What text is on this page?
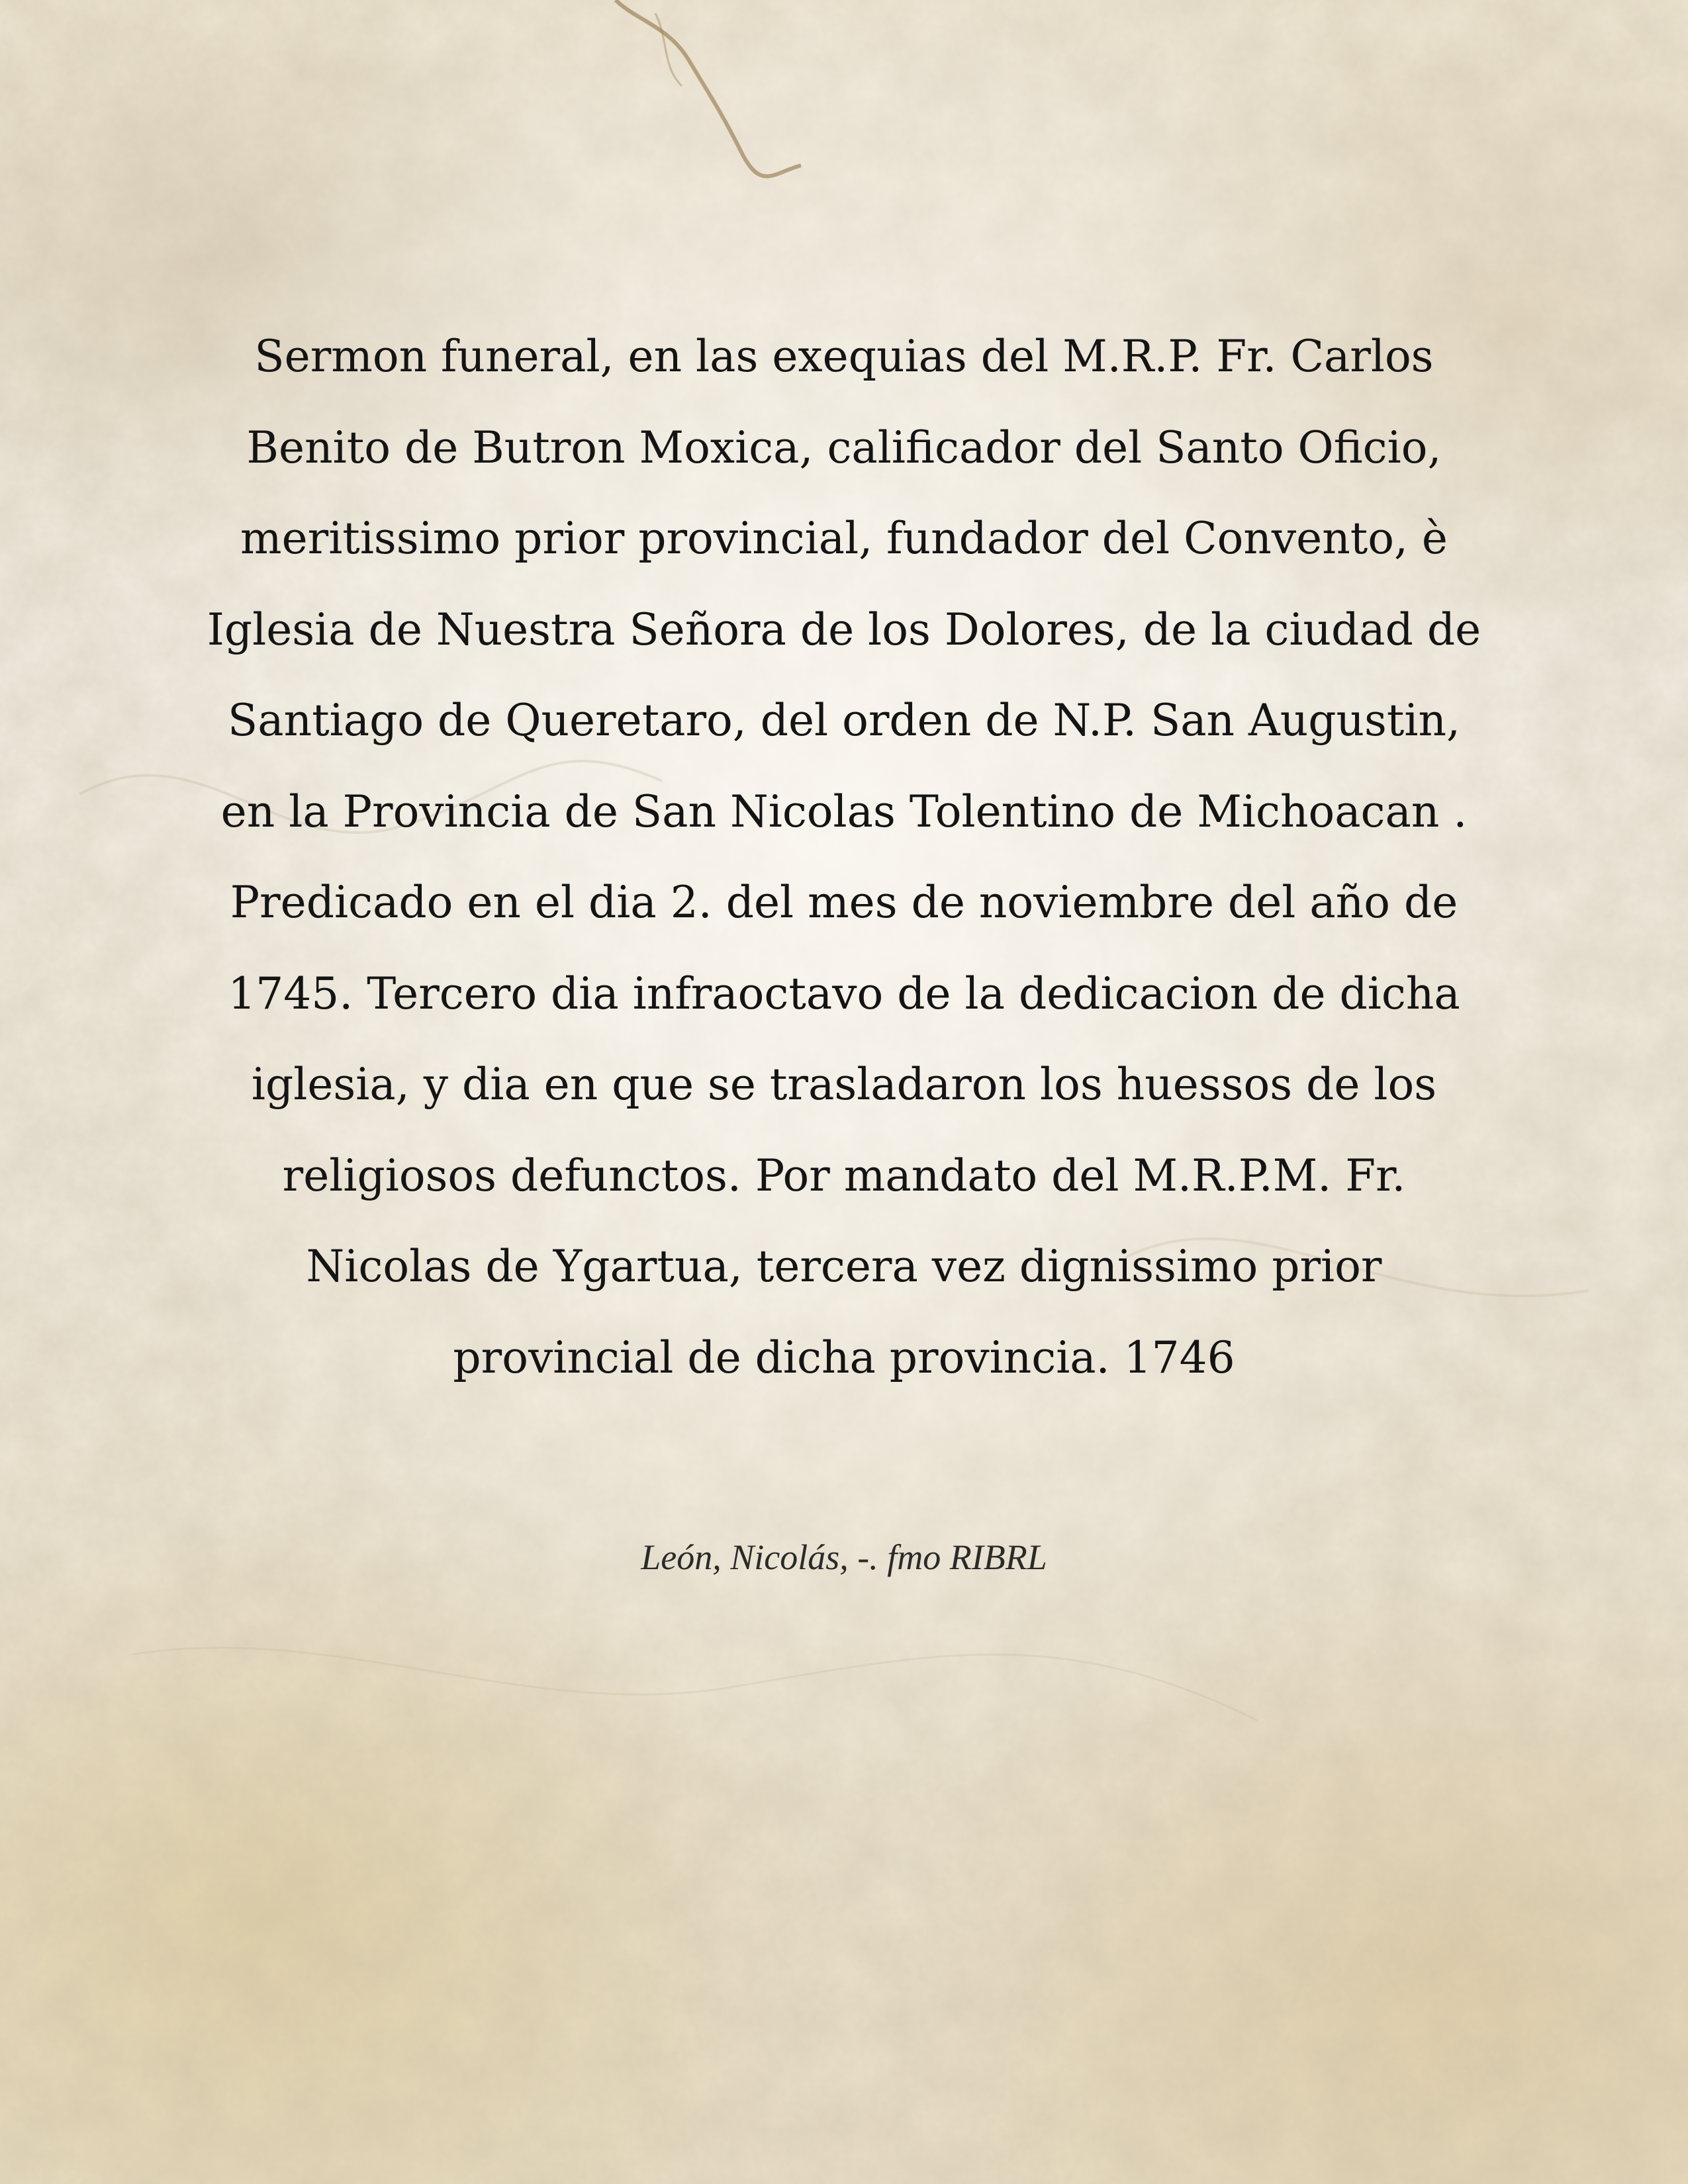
Sermon funeral, en las exequias del M.R.P. Fr. Carlos
Benito de Butron Moxica, calificador del Santo Oficio,
meritissimo prior provincial, fundador del Convento, è
Iglesia de Nuestra Señora de los Dolores, de la ciudad de
Santiago de Queretaro, del orden de N.P. San Augustin,
en la Provincia de San Nicolas Tolentino de Michoacan .
Predicado en el dia 2. del mes de noviembre del año de
1745. Tercero dia infraoctavo de la dedicacion de dicha
iglesia, y dia en que se trasladaron los huessos de los
religiosos defunctos. Por mandato del M.R.P.M. Fr.
Nicolas de Ygartua, tercera vez dignissimo prior
provincial de dicha provincia. 1746
León, Nicolás, -. fmo RIBRL
